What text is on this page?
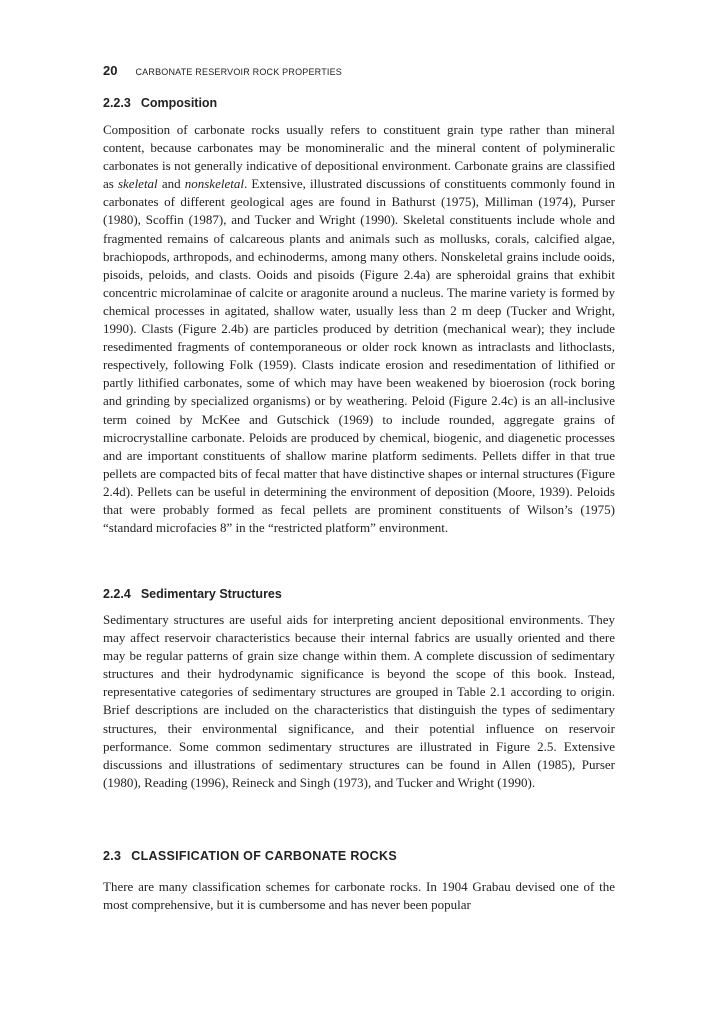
20 CARBONATE RESERVOIR ROCK PROPERTIES
2.2.3 Composition

Composition of carbonate rocks usually refers to constituent grain type rather than mineral content, because carbonates may be monomineralic and the mineral content of polymineralic carbonates is not generally indicative of depositional environment. Carbonate grains are classified as skeletal and nonskeletal. Extensive, illustrated discussions of constituents commonly found in carbonates of different geological ages are found in Bathurst (1975), Milliman (1974), Purser (1980), Scoffin (1987), and Tucker and Wright (1990). Skeletal constituents include whole and fragmented remains of calcareous plants and animals such as mollusks, corals, calcified algae, brachiopods, arthropods, and echinoderms, among many others. Nonskeletal grains include ooids, pisoids, peloids, and clasts. Ooids and pisoids (Figure 2.4a) are spheroidal grains that exhibit concentric microlaminae of calcite or aragonite around a nucleus. The marine variety is formed by chemical processes in agitated, shallow water, usually less than 2 m deep (Tucker and Wright, 1990). Clasts (Figure 2.4b) are particles produced by detrition (mechanical wear); they include resedimented fragments of contemporaneous or older rock known as intraclasts and lithoclasts, respectively, following Folk (1959). Clasts indicate erosion and resedimentation of lithified or partly lithified carbonates, some of which may have been weakened by bioerosion (rock boring and grinding by specialized organisms) or by weathering. Peloid (Figure 2.4c) is an all-inclusive term coined by McKee and Gutschick (1969) to include rounded, aggregate grains of microcrystalline carbonate. Peloids are produced by chemical, biogenic, and diagenetic processes and are important constituents of shallow marine platform sediments. Pellets differ in that true pellets are compacted bits of fecal matter that have distinctive shapes or internal structures (Figure 2.4d). Pellets can be useful in determining the environment of deposition (Moore, 1939). Peloids that were probably formed as fecal pellets are prominent constituents of Wilson’s (1975) “standard microfacies 8” in the “restricted platform” environment.

2.2.4 Sedimentary Structures

Sedimentary structures are useful aids for interpreting ancient depositional environments. They may affect reservoir characteristics because their internal fabrics are usually oriented and there may be regular patterns of grain size change within them. A complete discussion of sedimentary structures and their hydrodynamic significance is beyond the scope of this book. Instead, representative categories of sedimentary structures are grouped in Table 2.1 according to origin. Brief descriptions are included on the characteristics that distinguish the types of sedimentary structures, their environmental significance, and their potential influence on reservoir performance. Some common sedimentary structures are illustrated in Figure 2.5. Extensive discussions and illustrations of sedimentary structures can be found in Allen (1985), Purser (1980), Reading (1996), Reineck and Singh (1973), and Tucker and Wright (1990).

2.3 CLASSIFICATION OF CARBONATE ROCKS

There are many classification schemes for carbonate rocks. In 1904 Grabau devised one of the most comprehensive, but it is cumbersome and has never been popular
